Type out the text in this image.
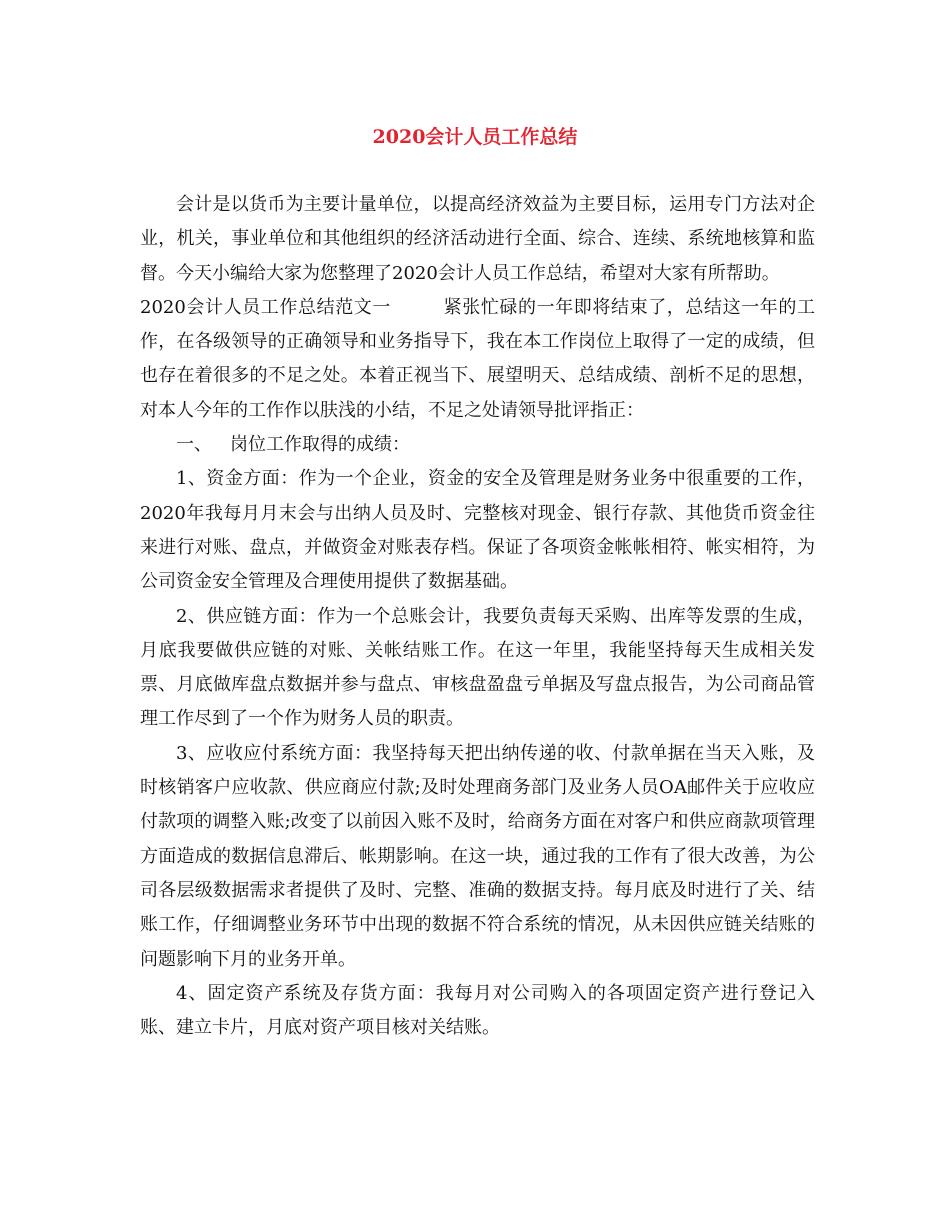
2020会计人员工作总结

会计是以货币为主要计量单位，以提高经济效益为主要目标，运用专门方法对企业，机关，事业单位和其他组织的经济活动进行全面、综合、连续、系统地核算和监督。今天小编给大家为您整理了2020会计人员工作总结，希望对大家有所帮助。

2020会计人员工作总结范文一	紧张忙碌的一年即将结束了，总结这一年的工作，在各级领导的正确领导和业务指导下，我在本工作岗位上取得了一定的成绩，但也存在着很多的不足之处。本着正视当下、展望明天、总结成绩、剖析不足的思想，对本人今年的工作作以肤浅的小结，不足之处请领导批评指正：

一、 岗位工作取得的成绩：

1、资金方面：作为一个企业，资金的安全及管理是财务业务中很重要的工作，2020年我每月月末会与出纳人员及时、完整核对现金、银行存款、其他货币资金往来进行对账、盘点，并做资金对账表存档。保证了各项资金帐帐相符、帐实相符，为公司资金安全管理及合理使用提供了数据基础。

2、供应链方面：作为一个总账会计，我要负责每天采购、出库等发票的生成，月底我要做供应链的对账、关帐结账工作。在这一年里，我能坚持每天生成相关发票、月底做库盘点数据并参与盘点、审核盘盈盘亏单据及写盘点报告，为公司商品管理工作尽到了一个作为财务人员的职责。

3、应收应付系统方面：我坚持每天把出纳传递的收、付款单据在当天入账，及时核销客户应收款、供应商应付款;及时处理商务部门及业务人员OA邮件关于应收应付款项的调整入账;改变了以前因入账不及时，给商务方面在对客户和供应商款项管理方面造成的数据信息滞后、帐期影响。在这一块，通过我的工作有了很大改善，为公司各层级数据需求者提供了及时、完整、准确的数据支持。每月底及时进行了关、结账工作，仔细调整业务环节中出现的数据不符合系统的情况，从未因供应链关结账的问题影响下月的业务开单。

4、固定资产系统及存货方面：我每月对公司购入的各项固定资产进行登记入账、建立卡片，月底对资产项目核对关结账。
